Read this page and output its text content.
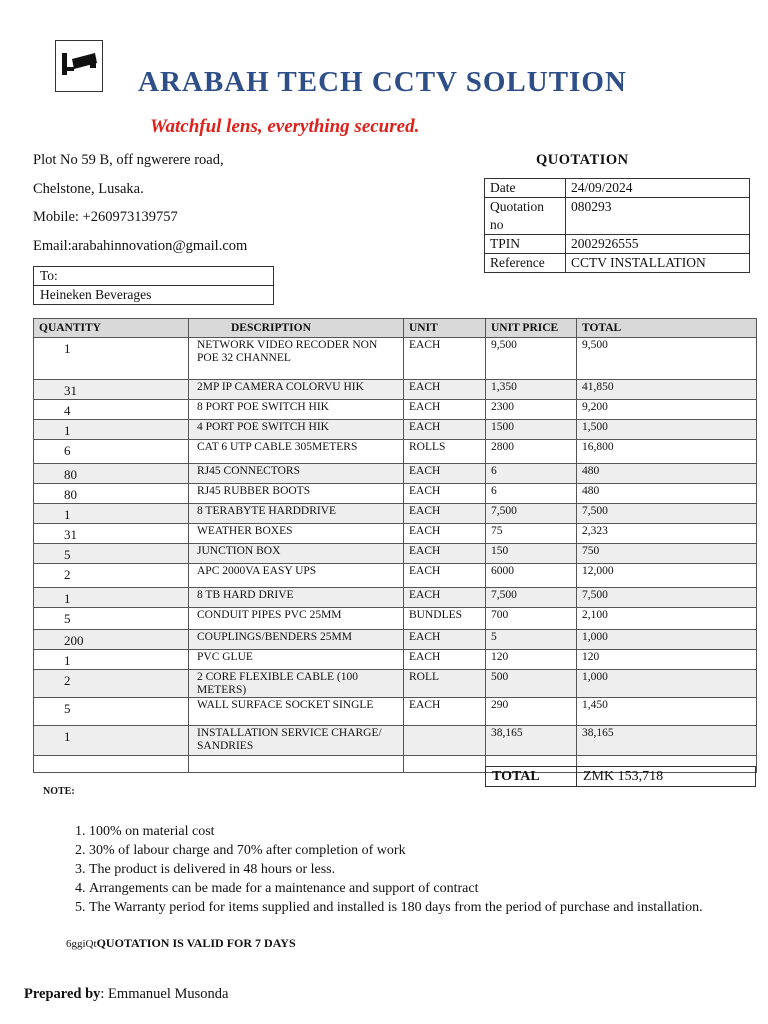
ARABAH TECH CCTV SOLUTION
Watchful lens, everything secured.
Plot No 59 B, off ngwerere road,
Chelstone, Lusaka.
Mobile: +260973139757
Email:arabahinnovation@gmail.com
QUOTATION
Date	24/09/2024
Quotation no	080293
TPIN	2002926555
Reference	CCTV INSTALLATION
To:
Heineken Beverages
QUANTITY	DESCRIPTION	UNIT	UNIT PRICE	TOTAL
1	NETWORK VIDEO RECODER NON POE 32 CHANNEL	EACH	9,500	9,500
31	2MP IP CAMERA COLORVU HIK	EACH	1,350	41,850
4	8 PORT POE SWITCH HIK	EACH	2300	9,200
1	4 PORT POE SWITCH HIK	EACH	1500	1,500
6	CAT 6 UTP CABLE 305METERS	ROLLS	2800	16,800
80	RJ45 CONNECTORS	EACH	6	480
80	RJ45 RUBBER BOOTS	EACH	6	480
1	8 TERABYTE HARDDRIVE	EACH	7,500	7,500
31	WEATHER BOXES	EACH	75	2,323
5	JUNCTION BOX	EACH	150	750
2	APC 2000VA EASY UPS	EACH	6000	12,000
1	8 TB HARD DRIVE	EACH	7,500	7,500
5	CONDUIT PIPES PVC 25MM	BUNDLES	700	2,100
200	COUPLINGS/BENDERS 25MM	EACH	5	1,000
1	PVC GLUE	EACH	120	120
2	2 CORE FLEXIBLE CABLE (100 METERS)	ROLL	500	1,000
5	WALL SURFACE SOCKET SINGLE	EACH	290	1,450
1	INSTALLATION SERVICE CHARGE/ SANDRIES		38,165	38,165

TOTAL	ZMK 153,718
NOTE:
1. 100% on material cost
2. 30% of labour charge and 70% after completion of work
3. The product is delivered in 48 hours or less.
4. Arrangements can be made for a maintenance and support of contract
5. The Warranty period for items supplied and installed is 180 days from the period of purchase and installation.
6ggiQtQUOTATION IS VALID FOR 7 DAYS
Prepared by: Emmanuel Musonda
